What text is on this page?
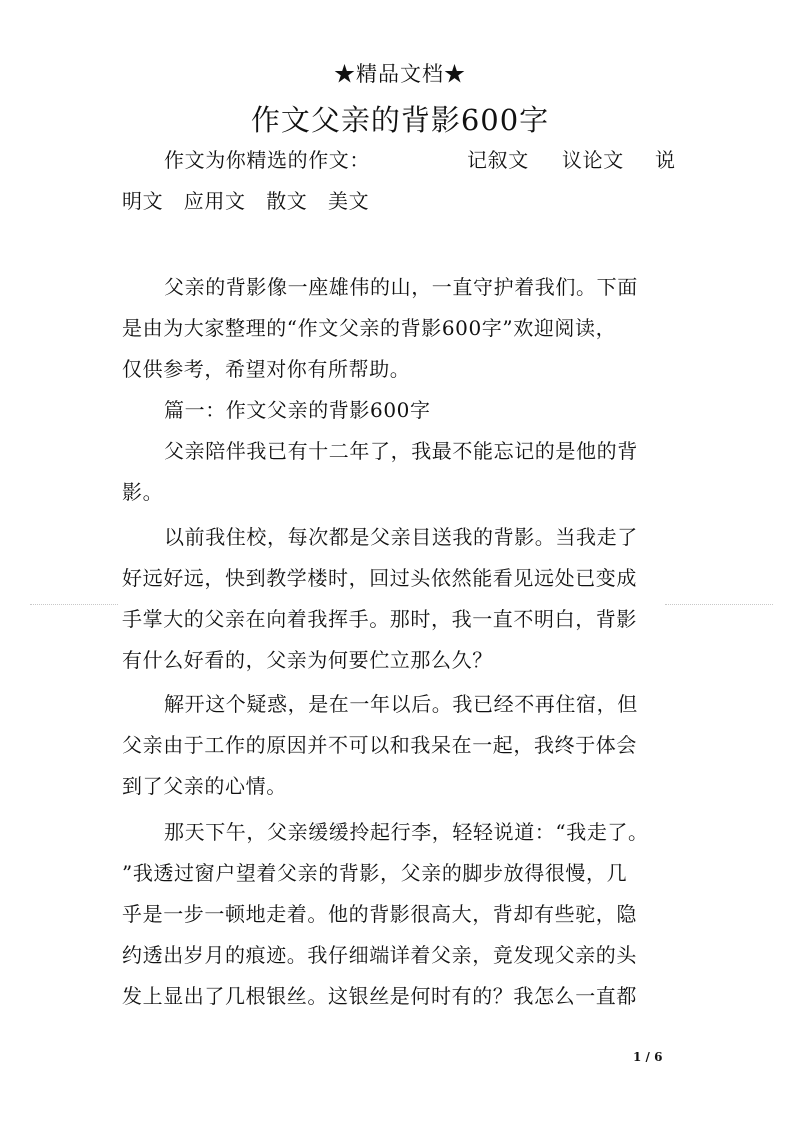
★精品文档★
作文父亲的背影600字
作文为你精选的作文：	记叙文 议论文 说
明文　应用文　散文　美文
父亲的背影像一座雄伟的山，一直守护着我们。下面
是由为大家整理的“作文父亲的背影600字”欢迎阅读，
仅供参考，希望对你有所帮助。
篇一：作文父亲的背影600字
父亲陪伴我已有十二年了，我最不能忘记的是他的背
影。
以前我住校，每次都是父亲目送我的背影。当我走了
好远好远，快到教学楼时，回过头依然能看见远处已变成
手掌大的父亲在向着我挥手。那时，我一直不明白，背影
有什么好看的，父亲为何要伫立那么久？
解开这个疑惑，是在一年以后。我已经不再住宿，但
父亲由于工作的原因并不可以和我呆在一起，我终于体会
到了父亲的心情。
那天下午，父亲缓缓拎起行李，轻轻说道：“我走了。
”我透过窗户望着父亲的背影，父亲的脚步放得很慢，几
乎是一步一顿地走着。他的背影很高大，背却有些驼，隐
约透出岁月的痕迹。我仔细端详着父亲，竟发现父亲的头
发上显出了几根银丝。这银丝是何时有的？我怎么一直都
1 / 6
